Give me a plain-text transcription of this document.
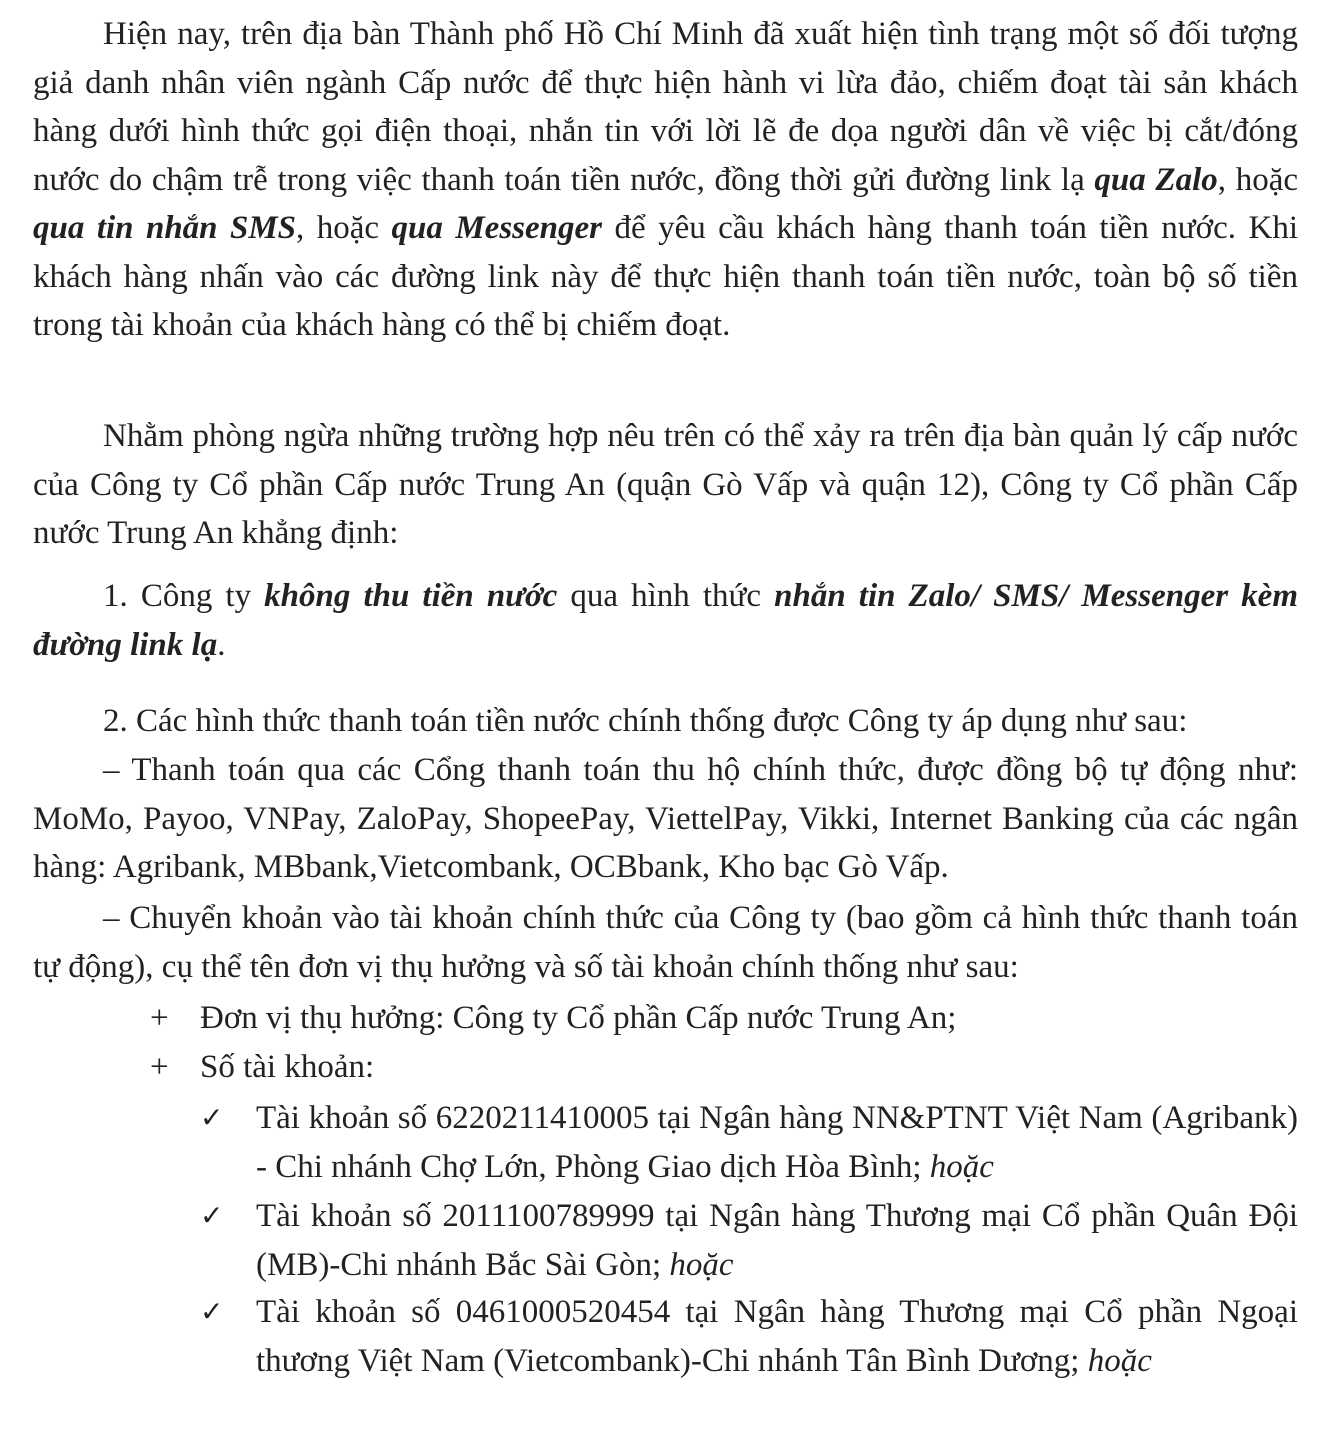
Hiện nay, trên địa bàn Thành phố Hồ Chí Minh đã xuất hiện tình trạng một số đối tượng giả danh nhân viên ngành Cấp nước để thực hiện hành vi lừa đảo, chiếm đoạt tài sản khách hàng dưới hình thức gọi điện thoại, nhắn tin với lời lẽ đe dọa người dân về việc bị cắt/đóng nước do chậm trễ trong việc thanh toán tiền nước, đồng thời gửi đường link lạ qua Zalo, hoặc qua tin nhắn SMS, hoặc qua Messenger để yêu cầu khách hàng thanh toán tiền nước. Khi khách hàng nhấn vào các đường link này để thực hiện thanh toán tiền nước, toàn bộ số tiền trong tài khoản của khách hàng có thể bị chiếm đoạt.

Nhằm phòng ngừa những trường hợp nêu trên có thể xảy ra trên địa bàn quản lý cấp nước của Công ty Cổ phần Cấp nước Trung An (quận Gò Vấp và quận 12), Công ty Cổ phần Cấp nước Trung An khẳng định:

1. Công ty không thu tiền nước qua hình thức nhắn tin Zalo/ SMS/ Messenger kèm đường link lạ.

2. Các hình thức thanh toán tiền nước chính thống được Công ty áp dụng như sau:

– Thanh toán qua các Cổng thanh toán thu hộ chính thức, được đồng bộ tự động như: MoMo, Payoo, VNPay, ZaloPay, ShopeePay, ViettelPay, Vikki, Internet Banking của các ngân hàng: Agribank, MBbank,Vietcombank, OCBbank, Kho bạc Gò Vấp.

– Chuyển khoản vào tài khoản chính thức của Công ty (bao gồm cả hình thức thanh toán tự động), cụ thể tên đơn vị thụ hưởng và số tài khoản chính thống như sau:

+ Đơn vị thụ hưởng: Công ty Cổ phần Cấp nước Trung An;

+ Số tài khoản:

✓ Tài khoản số 6220211410005 tại Ngân hàng NN&PTNT Việt Nam (Agribank) - Chi nhánh Chợ Lớn, Phòng Giao dịch Hòa Bình; hoặc

✓ Tài khoản số 2011100789999 tại Ngân hàng Thương mại Cổ phần Quân Đội (MB)-Chi nhánh Bắc Sài Gòn; hoặc

✓ Tài khoản số 0461000520454 tại Ngân hàng Thương mại Cổ phần Ngoại thương Việt Nam (Vietcombank)-Chi nhánh Tân Bình Dương; hoặc
